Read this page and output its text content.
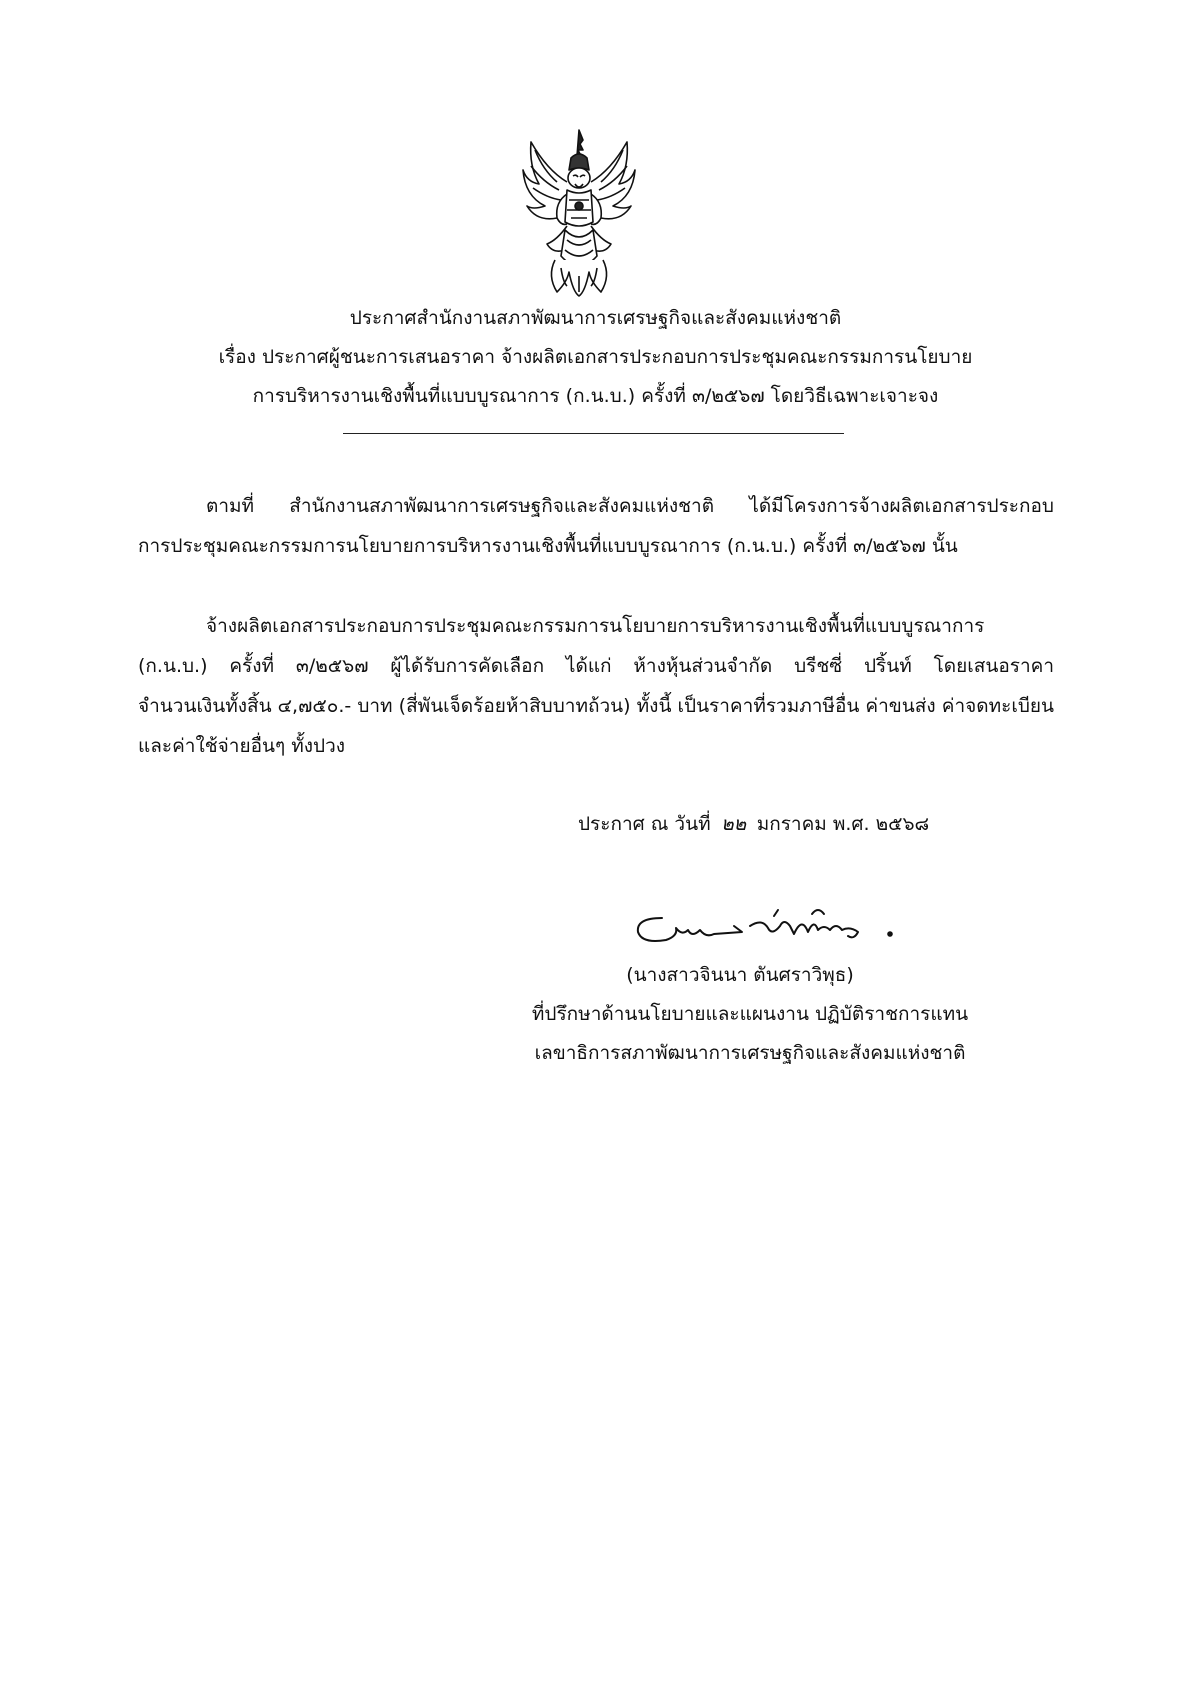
ประกาศสำนักงานสภาพัฒนาการเศรษฐกิจและสังคมแห่งชาติ
เรื่อง ประกาศผู้ชนะการเสนอราคา จ้างผลิตเอกสารประกอบการประชุมคณะกรรมการนโยบาย
การบริหารงานเชิงพื้นที่แบบบูรณาการ (ก.น.บ.) ครั้งที่ ๓/๒๕๖๗ โดยวิธีเฉพาะเจาะจง
ตามที่ สำนักงานสภาพัฒนาการเศรษฐกิจและสังคมแห่งชาติ ได้มีโครงการจ้างผลิตเอกสารประกอบ
การประชุมคณะกรรมการนโยบายการบริหารงานเชิงพื้นที่แบบบูรณาการ (ก.น.บ.) ครั้งที่ ๓/๒๕๖๗ นั้น
จ้างผลิตเอกสารประกอบการประชุมคณะกรรมการนโยบายการบริหารงานเชิงพื้นที่แบบบูรณาการ
(ก.น.บ.) ครั้งที่ ๓/๒๕๖๗ ผู้ได้รับการคัดเลือก ได้แก่ ห้างหุ้นส่วนจำกัด บรีชซี่ ปริ้นท์ โดยเสนอราคา
จำนวนเงินทั้งสิ้น ๔,๗๕๐.- บาท (สี่พันเจ็ดร้อยห้าสิบบาทถ้วน) ทั้งนี้ เป็นราคาที่รวมภาษีอื่น ค่าขนส่ง ค่าจดทะเบียน
และค่าใช้จ่ายอื่นๆ ทั้งปวง
ประกาศ ณ วันที่ ๒๒ มกราคม พ.ศ. ๒๕๖๘
(นางสาวจินนา ตันศราวิพุธ)
ที่ปรึกษาด้านนโยบายและแผนงาน ปฏิบัติราชการแทน
เลขาธิการสภาพัฒนาการเศรษฐกิจและสังคมแห่งชาติ
